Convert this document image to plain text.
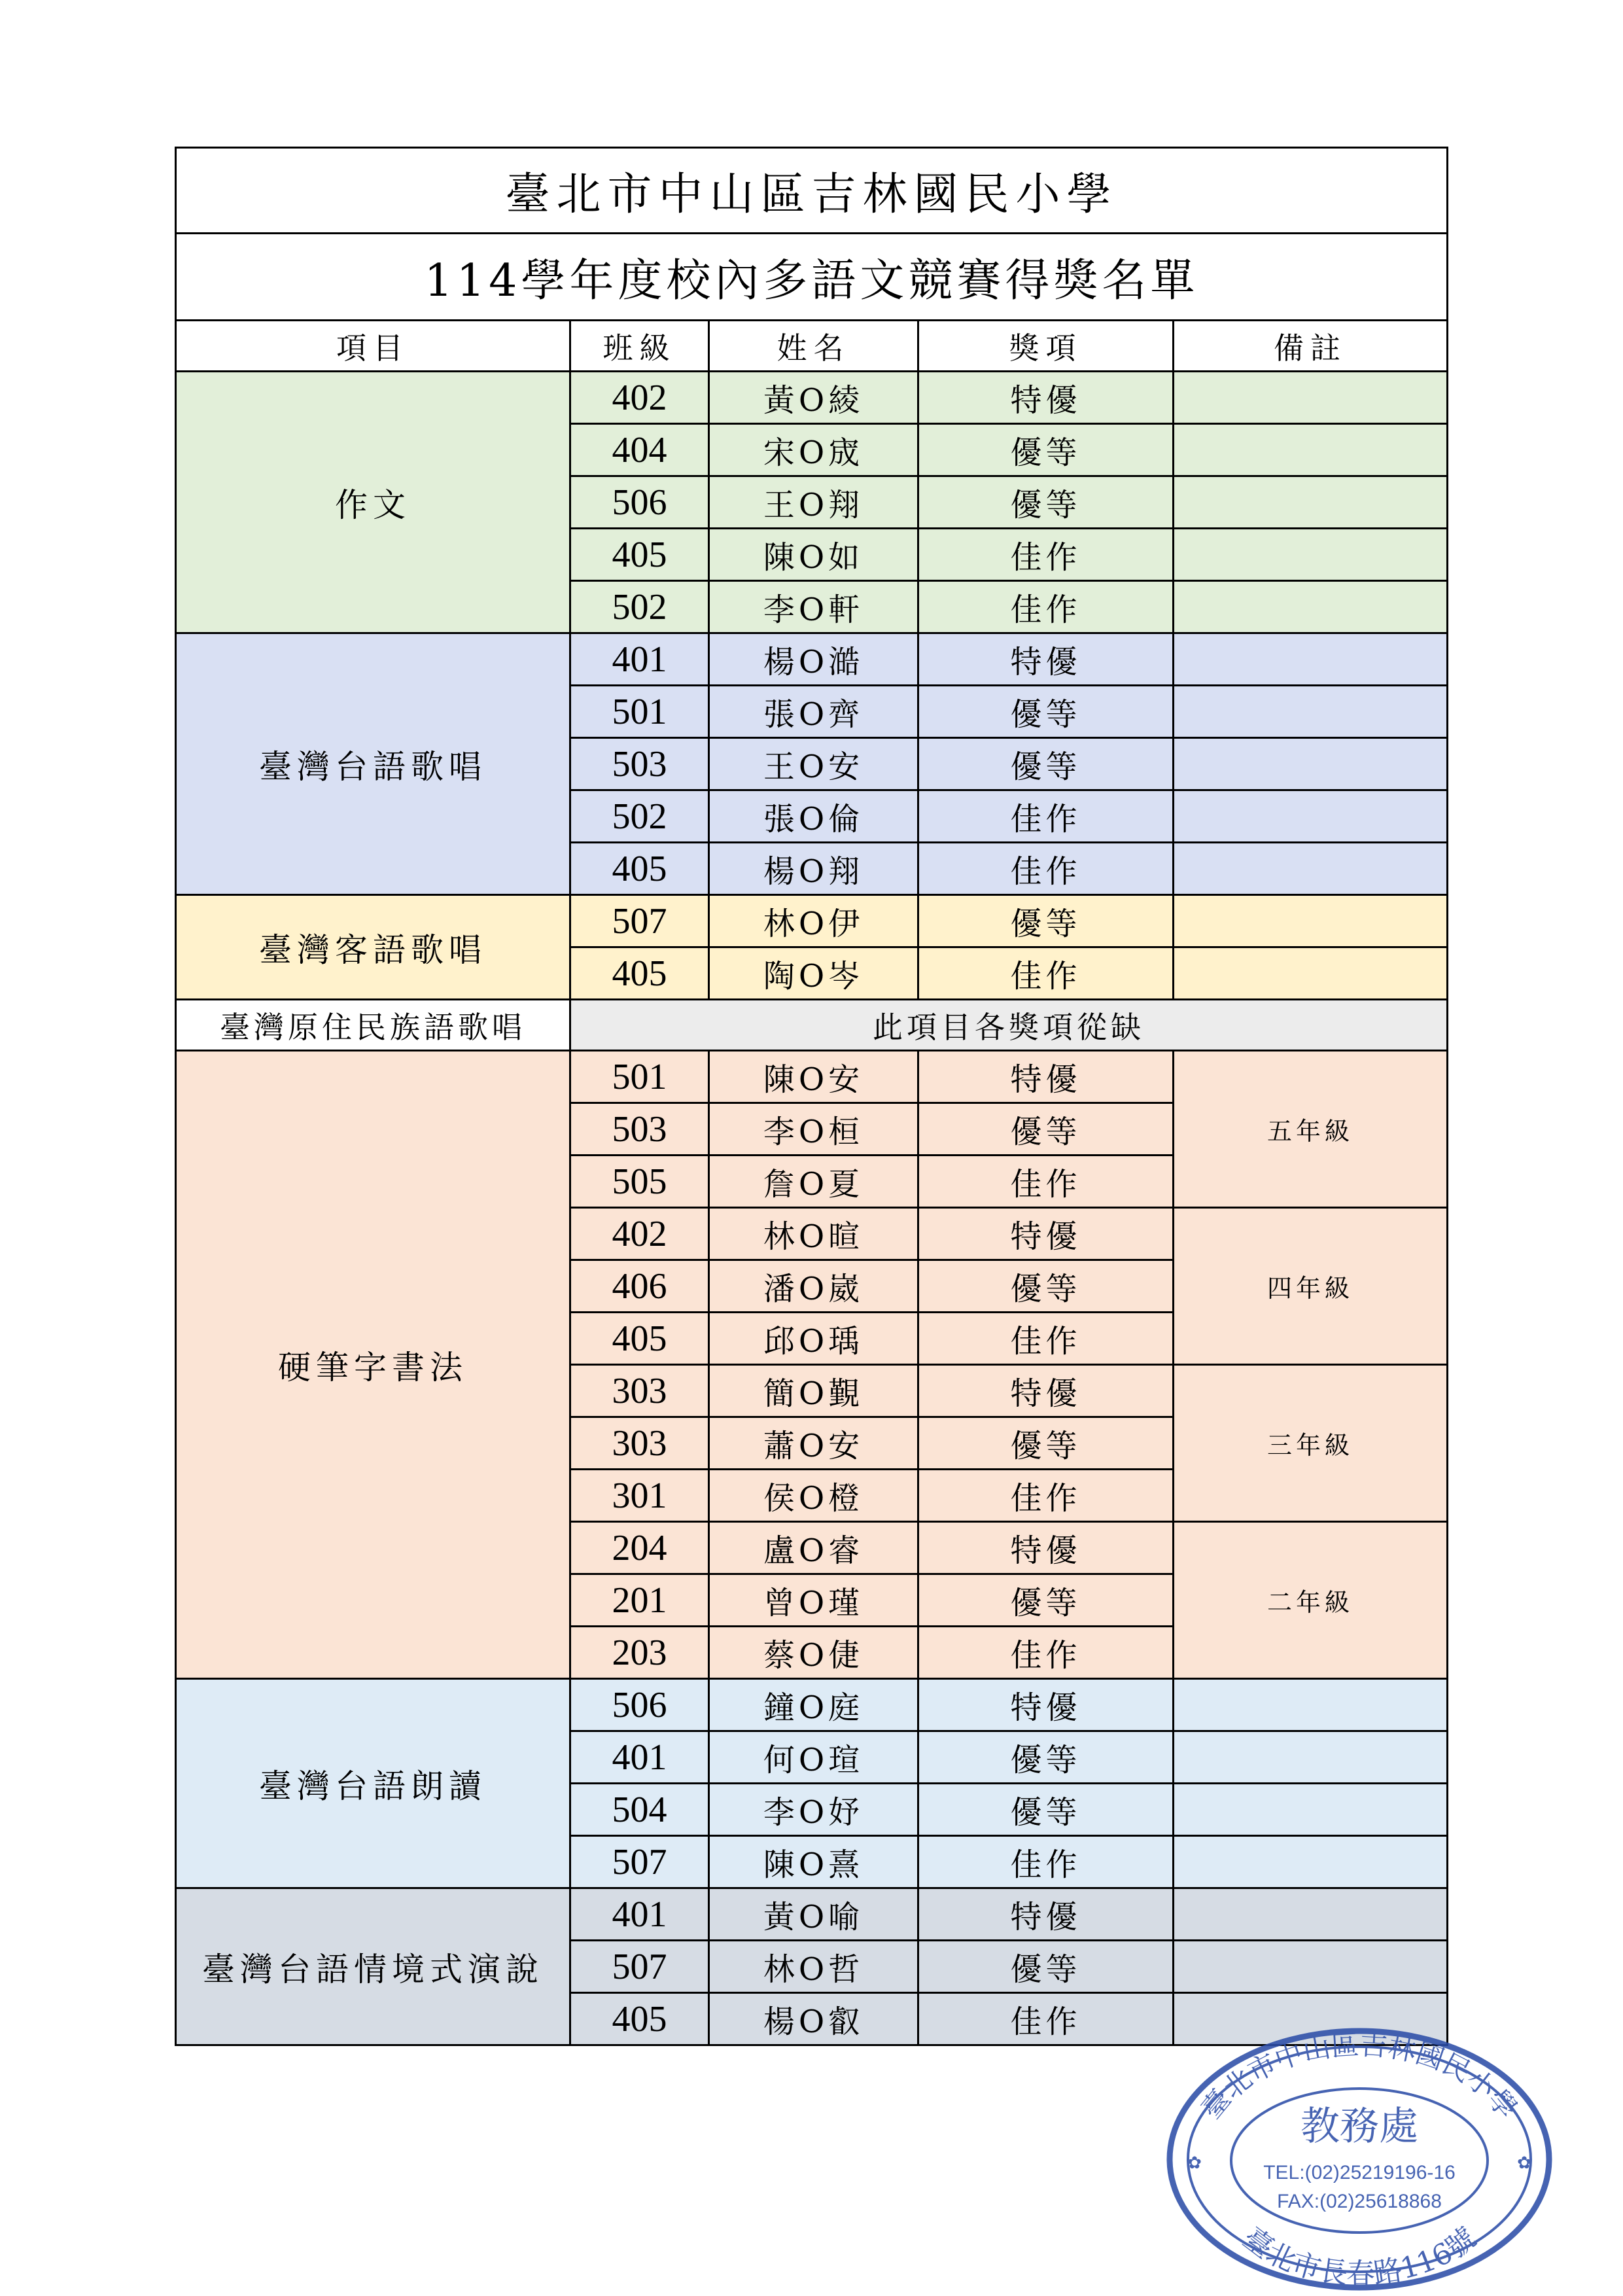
臺北市中山區吉林國民小學				
114學年度校內多語文競賽得獎名單				
項目	班級	姓名	獎項	備註
作文	402	黃O綾	特優	
	404	宋O宬	優等	
	506	王O翔	優等	
	405	陳O如	佳作	
	502	李O軒	佳作	
臺灣台語歌唱	401	楊O澔	特優	
	501	張O齊	優等	
	503	王O安	優等	
	502	張O倫	佳作	
	405	楊O翔	佳作	
臺灣客語歌唱	507	林O伊	優等	
	405	陶O岑	佳作	
臺灣原住民族語歌唱	此項目各獎項從缺			
硬筆字書法	501	陳O安	特優	五年級
	503	李O桓	優等	
	505	詹O夏	佳作	
	402	林O暄	特優	四年級
	406	潘O崴	優等	
	405	邱O瑀	佳作	
	303	簡O覲	特優	三年級
	303	蕭O安	優等	
	301	侯O橙	佳作	
	204	盧O睿	特優	二年級
	201	曾O瑾	優等	
	203	蔡O倢	佳作	
臺灣台語朗讀	506	鐘O庭	特優	
	401	何O瑄	優等	
	504	李O妤	優等	
	507	陳O熹	佳作	
臺灣台語情境式演說	401	黃O喻	特優	
	507	林O哲	優等	
	405	楊O叡	佳作	
臺北市中山區吉林國民小學
臺北市長春路116號
教務處
TEL:(02)25219196-16
FAX:(02)25618868
✿	✿
